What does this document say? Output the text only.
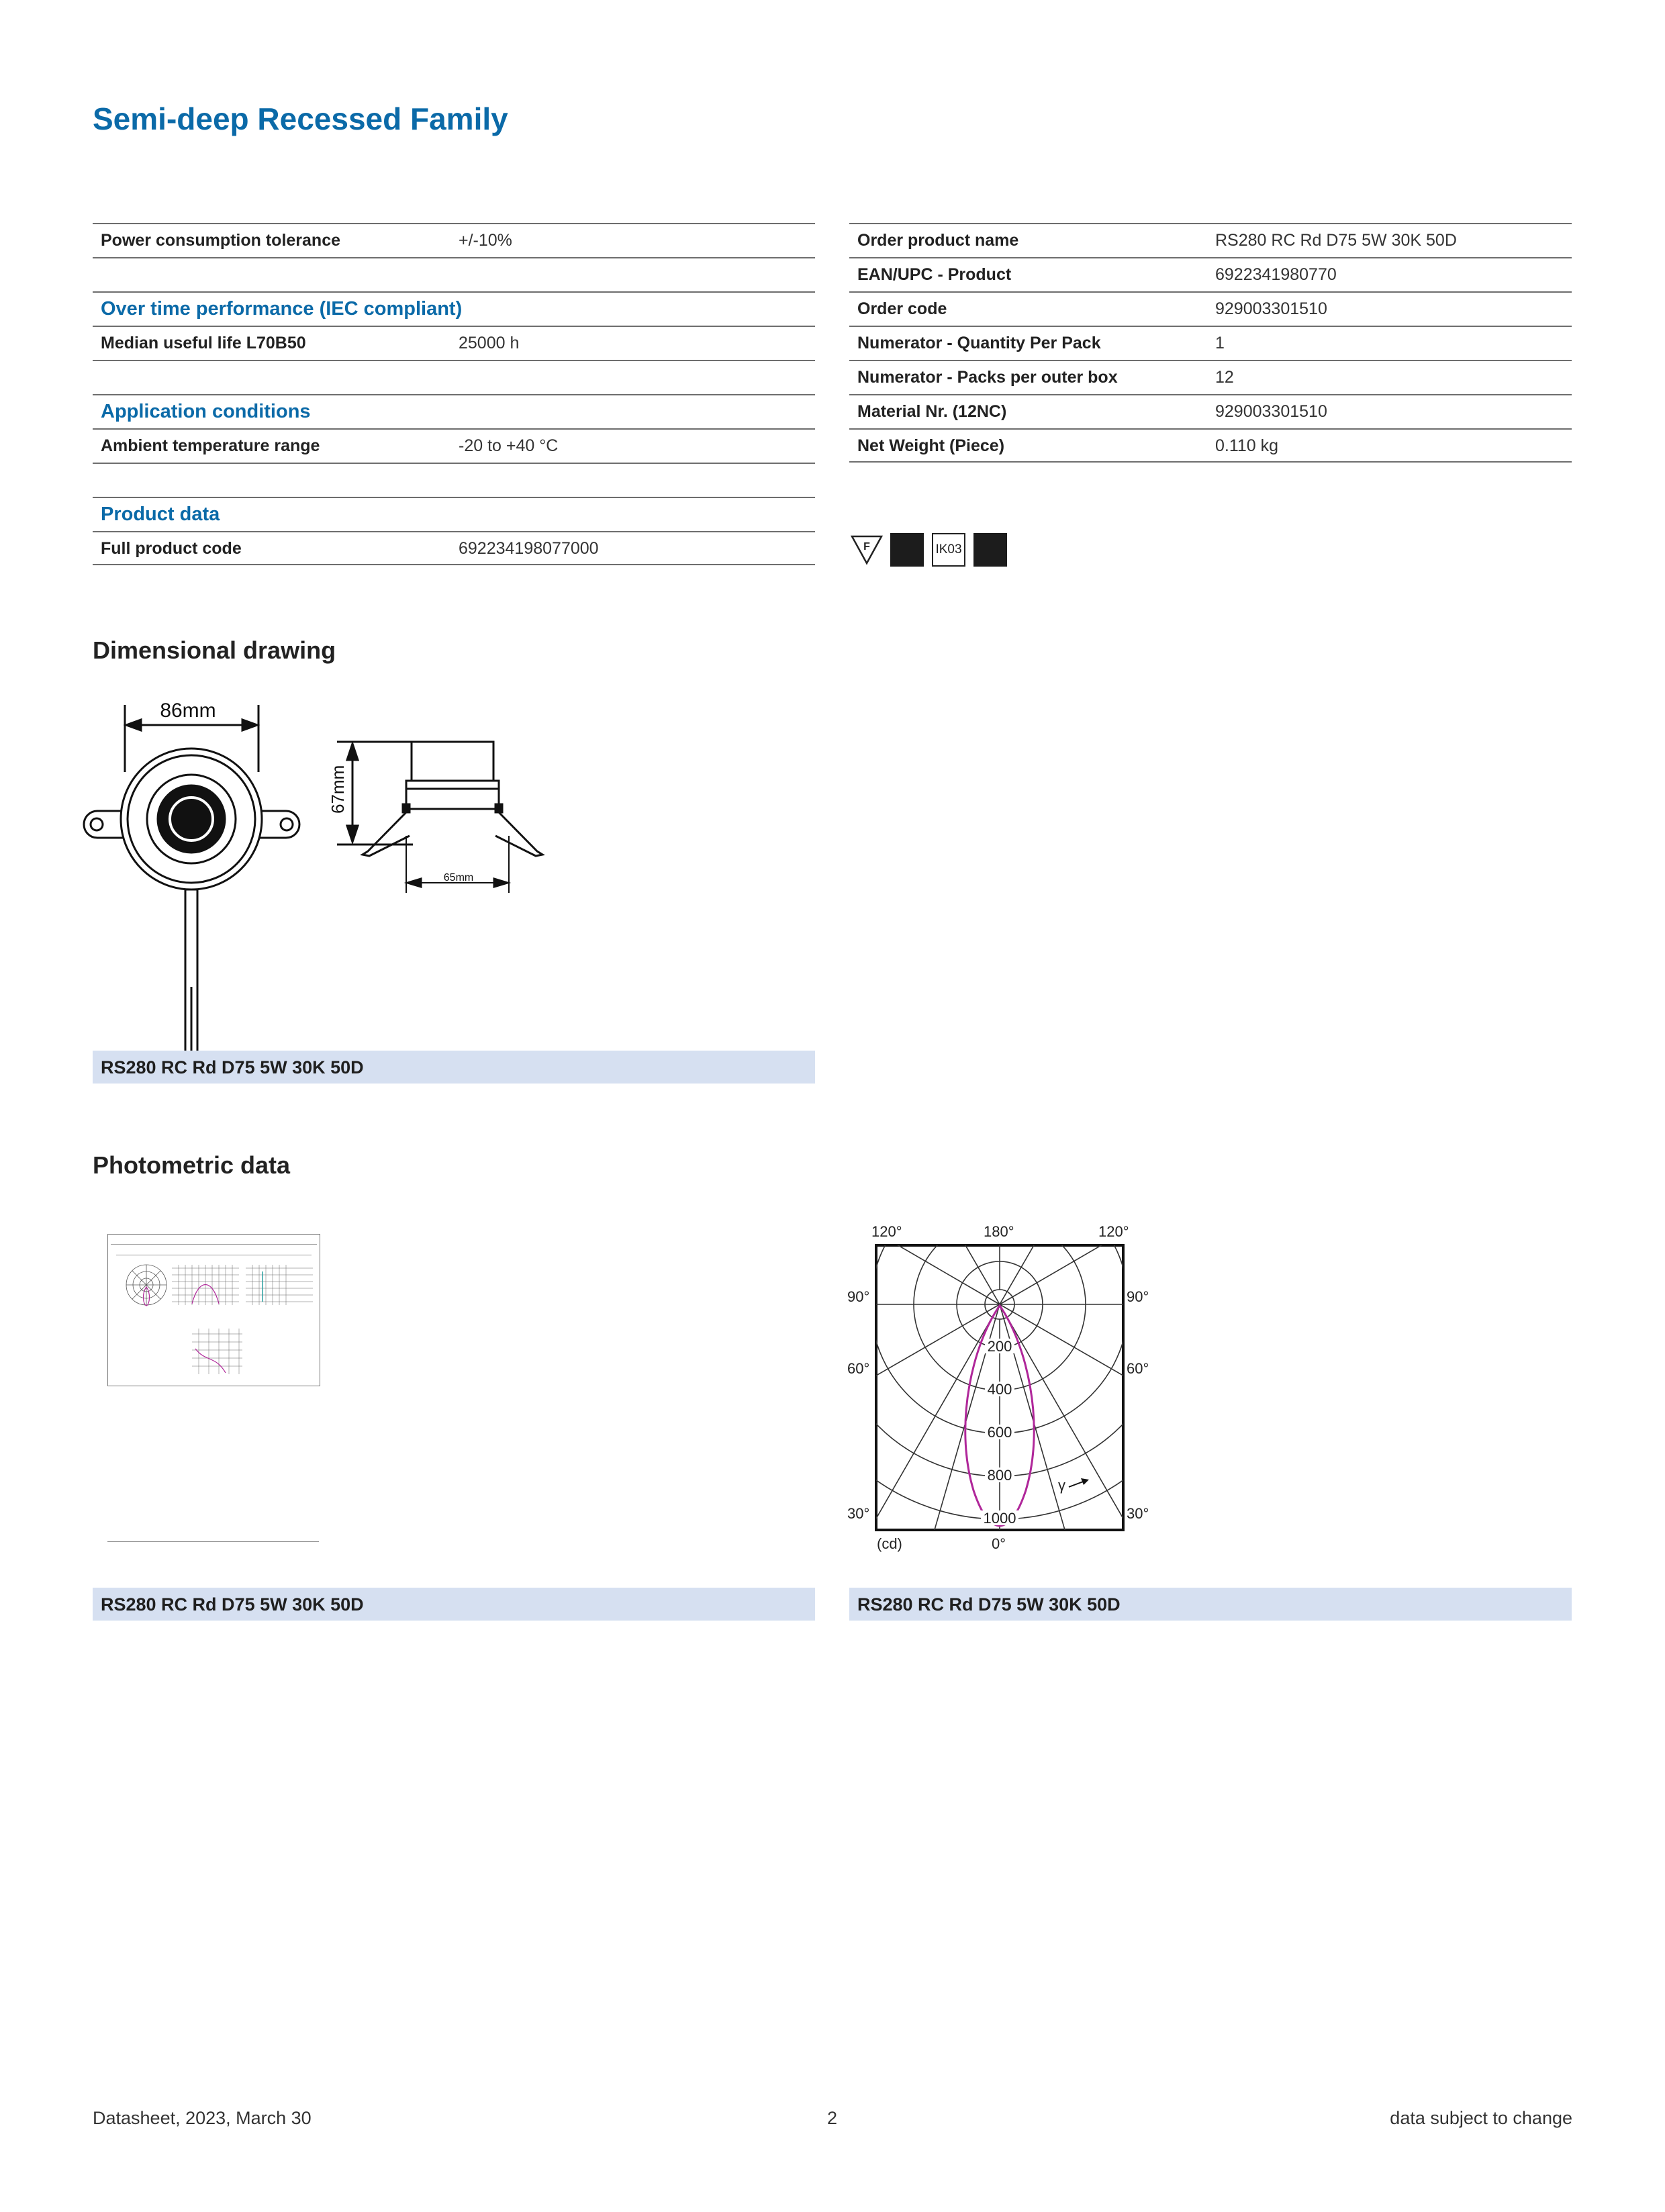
Semi-deep Recessed Family
Power consumption tolerance	+/-10%
Over time performance (IEC compliant)
Median useful life L70B50	25000 h
Application conditions
Ambient temperature range	-20 to +40 °C
Product data
Full product code	692234198077000
Order product name	RS280 RC Rd D75 5W 30K 50D
EAN/UPC - Product	6922341980770
Order code	929003301510
Numerator - Quantity Per Pack	1
Numerator - Packs per outer box	12
Material Nr. (12NC)	929003301510
Net Weight (Piece)	0.110 kg
F	IK03
Dimensional drawing
86mm
67mm
65mm
RS280 RC Rd D75 5W 30K 50D
Photometric data
120°	180°	120°
90°	90°
60°	60°
30°	30°
0°
(cd)
γ
200
400
600
800
1000
RS280 RC Rd D75 5W 30K 50D	RS280 RC Rd D75 5W 30K 50D
Datasheet, 2023, March 30	2	data subject to change
